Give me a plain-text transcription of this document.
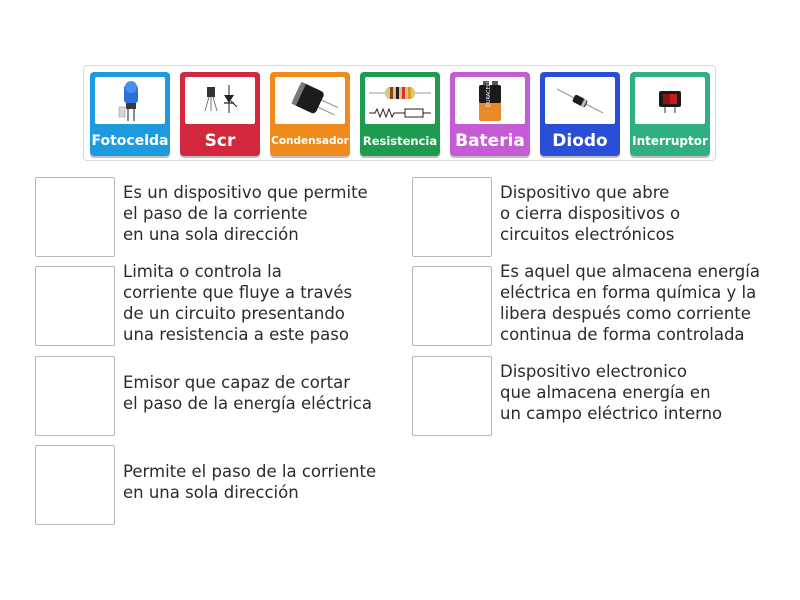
Fotocelda	Scr	Condensador Resistencia
DURACELL
Bateria	Diodo	Interruptor

Es un dispositivo que permite
el paso de la corriente
en una sola dirección

Limita o controla la
corriente que fluye a través
de un circuito presentando
una resistencia a este paso

Emisor que capaz de cortar
el paso de la energía eléctrica

Permite el paso de la corriente
en una sola dirección

Dispositivo que abre
o cierra dispositivos o
circuitos electrónicos

Es aquel que almacena energía
eléctrica en forma química y la
libera después como corriente
continua de forma controlada

Dispositivo electronico
que almacena energía en
un campo eléctrico interno
